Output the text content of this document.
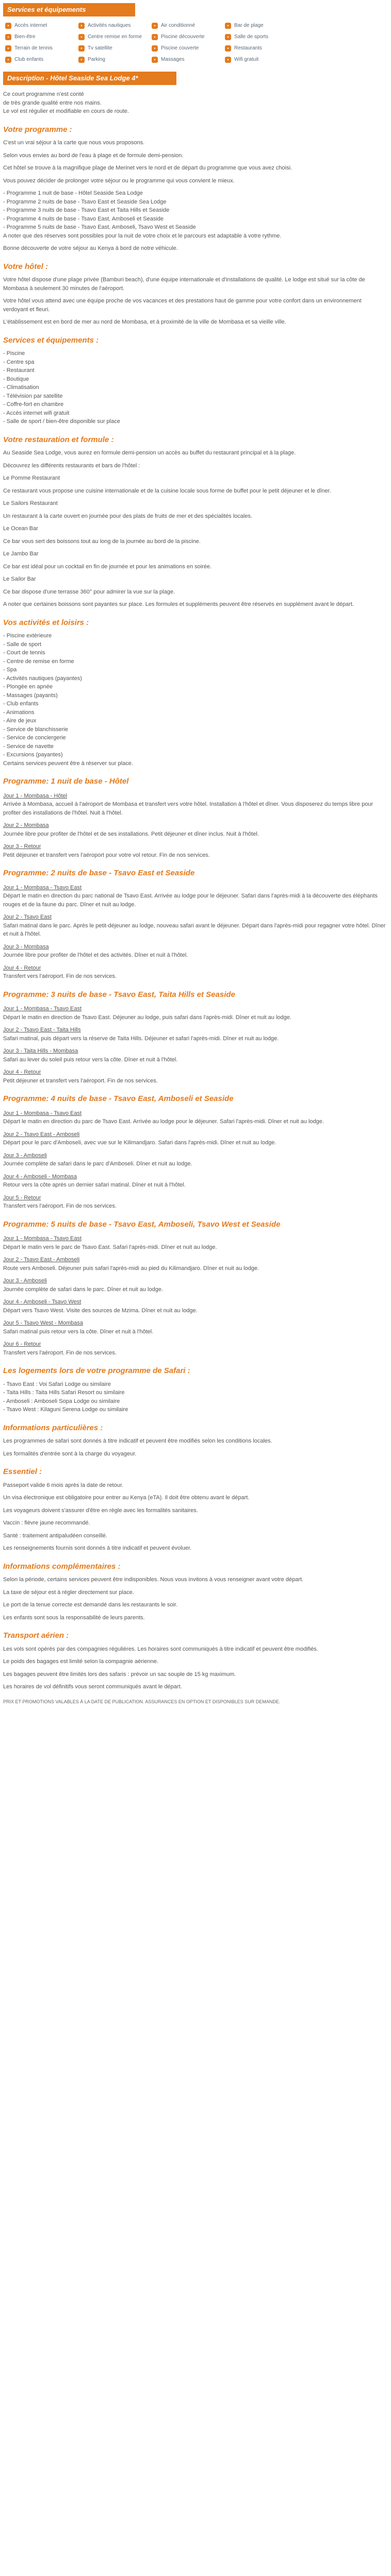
Services et équipements
•	Accès internet	•	Activités nautiques	•	Air conditionné	•	Bar de plage
•	Bien-être	•	Centre remise en forme	•	Piscine découverte	•	Salle de sports
•	Terrain de tennis	•	Tv satellite	•	Piscine couverte	•	Restaurants
•	Club enfants	•	Parking	•	Massages	•	Wifi gratuit
Description - Hôtel Seaside Sea Lodge 4*
Ce court programme n'est conté
de très grande qualité entre nos mains.
Le vol est régulier et modifiable en cours de route.
Votre programme :

C'est un vrai séjour à la carte que nous vous proposons.

Selon vous envies au bord de l'eau à plage et de formule demi-pension.

Cet hôtel se trouve à la magnifique plage de Merinet vers le nord et de départ du programme que vous avez choisi.

Vous pouvez décider de prolonger votre séjour ou le programme qui vous convient le mieux.

- Programme 1 nuit de base - Hôtel Seaside Sea Lodge
- Programme 2 nuits de base - Tsavo East et Seaside Sea Lodge
- Programme 3 nuits de base - Tsavo East et Taita Hills et Seaside
- Programme 4 nuits de base - Tsavo East, Amboseli et Seaside
- Programme 5 nuits de base - Tsavo East, Amboseli, Tsavo West et Seaside

A noter que des réserves sont possibles pour la nuit de votre choix et le parcours est adaptable à votre rythme.

Bonne découverte de votre séjour au Kenya à bord de notre véhicule.

Votre hôtel :

Votre hôtel dispose d'une plage privée (Bamburi beach), d'une équipe internationale et d'installations de qualité. Le lodge est situé sur la côte de Mombasa à seulement 30 minutes de l'aéroport.

Votre hôtel vous attend avec une équipe proche de vos vacances et des prestations haut de gamme pour votre confort dans un environnement verdoyant et fleuri.

L'établissement est en bord de mer au nord de Mombasa, et à proximité de la ville de Mombasa et sa vieille ville.

Services et équipements :
- Piscine
- Centre spa
- Restaurant
- Boutique
- Climatisation
- Télévision par satellite
- Coffre-fort en chambre
- Accès internet wifi gratuit
- Salle de sport / bien-être disponible sur place
Votre restauration et formule :

Au Seaside Sea Lodge, vous aurez en formule demi-pension un accès au buffet du restaurant principal et à la plage.

Découvrez les différents restaurants et bars de l'hôtel :

Le Pomme Restaurant

Ce restaurant vous propose une cuisine internationale et de la cuisine locale sous forme de buffet pour le petit déjeuner et le dîner.

Le Sailors Restaurant

Un restaurant à la carte ouvert en journée pour des plats de fruits de mer et des spécialités locales.

Le Ocean Bar

Ce bar vous sert des boissons tout au long de la journée au bord de la piscine.

Le Jambo Bar

Ce bar est idéal pour un cocktail en fin de journée et pour les animations en soirée.

Le Sailor Bar

Ce bar dispose d'une terrasse 360° pour admirer la vue sur la plage.

A noter que certaines boissons sont payantes sur place. Les formules et suppléments peuvent être réservés en supplément avant le départ.

Vos activités et loisirs :
- Piscine extérieure
- Salle de sport
- Court de tennis
- Centre de remise en forme
- Spa
- Activités nautiques (payantes)
- Plongée en apnée
- Massages (payants)
- Club enfants
- Animations
- Aire de jeux
- Service de blanchisserie
- Service de conciergerie
- Service de navette
- Excursions (payantes)

Certains services peuvent être à réserver sur place.

Programme: 1 nuit de base - Hôtel
Jour 1 - Mombasa - Hôtel

Arrivée à Mombasa, accueil à l'aéroport de Mombasa et transfert vers votre hôtel. Installation à l'hôtel et dîner. Vous disposerez du temps libre pour profiter des installations de l'hôtel. Nuit à l'hôtel.

Jour 2 - Mombasa

Journée libre pour profiter de l'hôtel et de ses installations. Petit déjeuner et dîner inclus. Nuit à l'hôtel.

Jour 3 - Retour

Petit déjeuner et transfert vers l'aéroport pour votre vol retour. Fin de nos services.

Programme: 2 nuits de base - Tsavo East et Seaside
Jour 1 - Mombasa - Tsavo East

Départ le matin en direction du parc national de Tsavo East. Arrivée au lodge pour le déjeuner. Safari dans l'après-midi à la découverte des éléphants rouges et de la faune du parc. Dîner et nuit au lodge.

Jour 2 - Tsavo East

Safari matinal dans le parc. Après le petit-déjeuner au lodge, nouveau safari avant le déjeuner. Départ dans l'après-midi pour regagner votre hôtel. Dîner et nuit à l'hôtel.

Jour 3 - Mombasa

Journée libre pour profiter de l'hôtel et des activités. Dîner et nuit à l'hôtel.

Jour 4 - Retour

Transfert vers l'aéroport. Fin de nos services.

Programme: 3 nuits de base - Tsavo East, Taita Hills et Seaside
Jour 1 - Mombasa - Tsavo East

Départ le matin en direction de Tsavo East. Déjeuner au lodge, puis safari dans l'après-midi. Dîner et nuit au lodge.

Jour 2 - Tsavo East - Taita Hills

Safari matinal, puis départ vers la réserve de Taita Hills. Déjeuner et safari l'après-midi. Dîner et nuit au lodge.

Jour 3 - Taita Hills - Mombasa

Safari au lever du soleil puis retour vers la côte. Dîner et nuit à l'hôtel.

Jour 4 - Retour

Petit déjeuner et transfert vers l'aéroport. Fin de nos services.

Programme: 4 nuits de base - Tsavo East, Amboseli et Seaside
Jour 1 - Mombasa - Tsavo East

Départ le matin en direction du parc de Tsavo East. Arrivée au lodge pour le déjeuner. Safari l'après-midi. Dîner et nuit au lodge.

Jour 2 - Tsavo East - Amboseli

Départ pour le parc d'Amboseli, avec vue sur le Kilimandjaro. Safari dans l'après-midi. Dîner et nuit au lodge.

Jour 3 - Amboseli

Journée complète de safari dans le parc d'Amboseli. Dîner et nuit au lodge.

Jour 4 - Amboseli - Mombasa

Retour vers la côte après un dernier safari matinal. Dîner et nuit à l'hôtel.

Jour 5 - Retour

Transfert vers l'aéroport. Fin de nos services.

Programme: 5 nuits de base - Tsavo East, Amboseli, Tsavo West et Seaside
Jour 1 - Mombasa - Tsavo East

Départ le matin vers le parc de Tsavo East. Safari l'après-midi. Dîner et nuit au lodge.

Jour 2 - Tsavo East - Amboseli

Route vers Amboseli. Déjeuner puis safari l'après-midi au pied du Kilimandjaro. Dîner et nuit au lodge.

Jour 3 - Amboseli

Journée complète de safari dans le parc. Dîner et nuit au lodge.

Jour 4 - Amboseli - Tsavo West

Départ vers Tsavo West. Visite des sources de Mzima. Dîner et nuit au lodge.

Jour 5 - Tsavo West - Mombasa

Safari matinal puis retour vers la côte. Dîner et nuit à l'hôtel.

Jour 6 - Retour

Transfert vers l'aéroport. Fin de nos services.

Les logements lors de votre programme de Safari :
- Tsavo East : Voi Safari Lodge ou similaire
- Taita Hills : Taita Hills Safari Resort ou similaire
- Amboseli : Amboseli Sopa Lodge ou similaire
- Tsavo West : Kilaguni Serena Lodge ou similaire
Informations particulières :

Les programmes de safari sont donnés à titre indicatif et peuvent être modifiés selon les conditions locales.

Les formalités d'entrée sont à la charge du voyageur.

Essentiel :

Passeport valide 6 mois après la date de retour.

Un visa électronique est obligatoire pour entrer au Kenya (eTA). Il doit être obtenu avant le départ.

Les voyageurs doivent s'assurer d'être en règle avec les formalités sanitaires.

Vaccin : fièvre jaune recommandé.

Santé : traitement antipaludéen conseillé.

Les renseignements fournis sont donnés à titre indicatif et peuvent évoluer.

Informations complémentaires :

Selon la période, certains services peuvent être indisponibles. Nous vous invitons à vous renseigner avant votre départ.

La taxe de séjour est à régler directement sur place.

Le port de la tenue correcte est demandé dans les restaurants le soir.

Les enfants sont sous la responsabilité de leurs parents.

Transport aérien :

Les vols sont opérés par des compagnies régulières. Les horaires sont communiqués à titre indicatif et peuvent être modifiés.

Le poids des bagages est limité selon la compagnie aérienne.

Les bagages peuvent être limités lors des safaris : prévoir un sac souple de 15 kg maximum.

Les horaires de vol définitifs vous seront communiqués avant le départ.

PRIX ET PROMOTIONS VALABLES À LA DATE DE PUBLICATION. ASSURANCES EN OPTION ET DISPONIBLES SUR DEMANDE.
